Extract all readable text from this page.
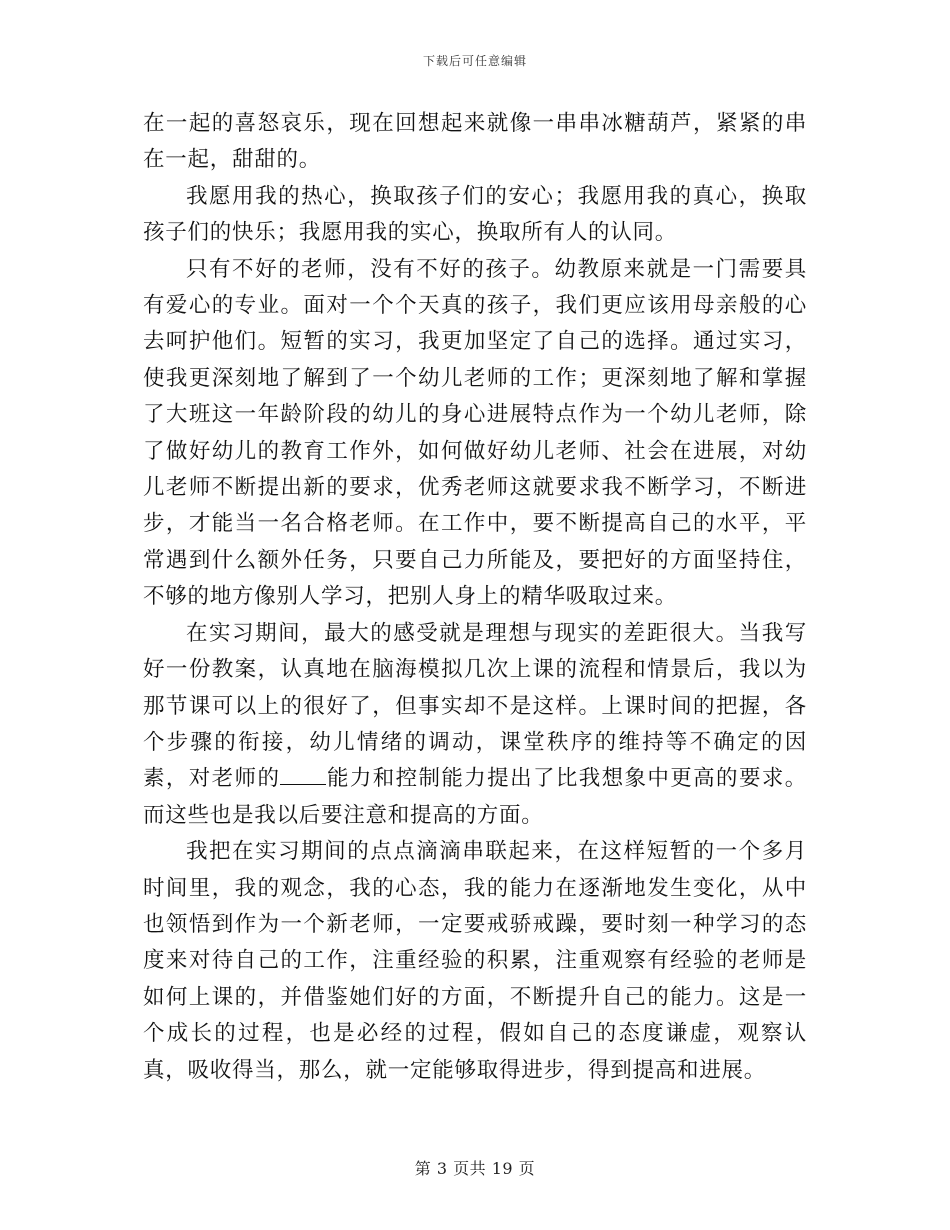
下载后可任意编辑

在一起的喜怒哀乐，现在回想起来就像一串串冰糖葫芦，紧紧的串在一起，甜甜的。

我愿用我的热心，换取孩子们的安心；我愿用我的真心，换取孩子们的快乐；我愿用我的实心，换取所有人的认同。

只有不好的老师，没有不好的孩子。幼教原来就是一门需要具有爱心的专业。面对一个个天真的孩子，我们更应该用母亲般的心去呵护他们。短暂的实习，我更加坚定了自己的选择。通过实习，使我更深刻地了解到了一个幼儿老师的工作；更深刻地了解和掌握了大班这一年龄阶段的幼儿的身心进展特点作为一个幼儿老师，除了做好幼儿的教育工作外，如何做好幼儿老师、社会在进展，对幼儿老师不断提出新的要求，优秀老师这就要求我不断学习，不断进步，才能当一名合格老师。在工作中，要不断提高自己的水平，平常遇到什么额外任务，只要自己力所能及，要把好的方面坚持住，不够的地方像别人学习，把别人身上的精华吸取过来。

在实习期间，最大的感受就是理想与现实的差距很大。当我写好一份教案，认真地在脑海模拟几次上课的流程和情景后，我以为那节课可以上的很好了，但事实却不是这样。上课时间的把握，各个步骤的衔接，幼儿情绪的调动，课堂秩序的维持等不确定的因素，对老师的 能力和控制能力提出了比我想象中更高的要求。而这些也是我以后要注意和提高的方面。

我把在实习期间的点点滴滴串联起来，在这样短暂的一个多月时间里，我的观念，我的心态，我的能力在逐渐地发生变化，从中也领悟到作为一个新老师，一定要戒骄戒躁，要时刻一种学习的态度来对待自己的工作，注重经验的积累，注重观察有经验的老师是如何上课的，并借鉴她们好的方面，不断提升自己的能力。这是一个成长的过程，也是必经的过程，假如自己的态度谦虚，观察认真，吸收得当，那么，就一定能够取得进步，得到提高和进展。

第 3 页共 19 页
